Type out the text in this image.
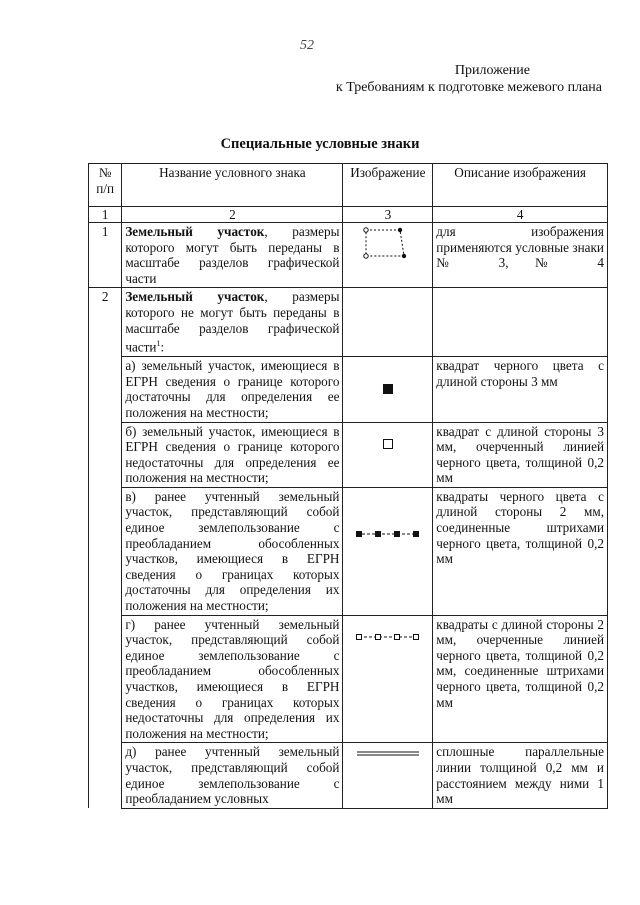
52
Приложение
к Требованиям к подготовке межевого плана
Специальные условные знаки
№ п/п	Название условного знака	Изображение	Описание изображения
1	2	3	4
1	Земельный участок, размеры которого могут быть переданы в масштабе разделов графической части		для изображения применяются условные знаки № 3, № 4
2	Земельный участок, размеры которого не могут быть переданы в масштабе разделов графической части$^1$:		
	а) земельный участок, имеющиеся в ЕГРН сведения о границе которого достаточны для определения ее положения на местности;		квадрат черного цвета с длиной стороны 3 мм
	б) земельный участок, имеющиеся в ЕГРН сведения о границе которого недостаточны для определения ее положения на местности;		квадрат с длиной стороны 3 мм, очерченный линией черного цвета, толщиной 0,2 мм
	в) ранее учтенный земельный участок, представляющий собой единое землепользование с преобладанием обособленных участков, имеющиеся в ЕГРН сведения о границах которых достаточны для определения их положения на местности;		квадраты черного цвета с длиной стороны 2 мм, соединенные штрихами черного цвета, толщиной 0,2 мм
	г) ранее учтенный земельный участок, представляющий собой единое землепользование с преобладанием обособленных участков, имеющиеся в ЕГРН сведения о границах которых недостаточны для определения их положения на местности;		квадраты с длиной стороны 2 мм, очерченные линией черного цвета, толщиной 0,2 мм, соединенные штрихами черного цвета, толщиной 0,2 мм
	д) ранее учтенный земельный участок, представляющий собой единое землепользование с преобладанием условных		сплошные параллельные линии толщиной 0,2 мм и расстоянием между ними 1 мм
